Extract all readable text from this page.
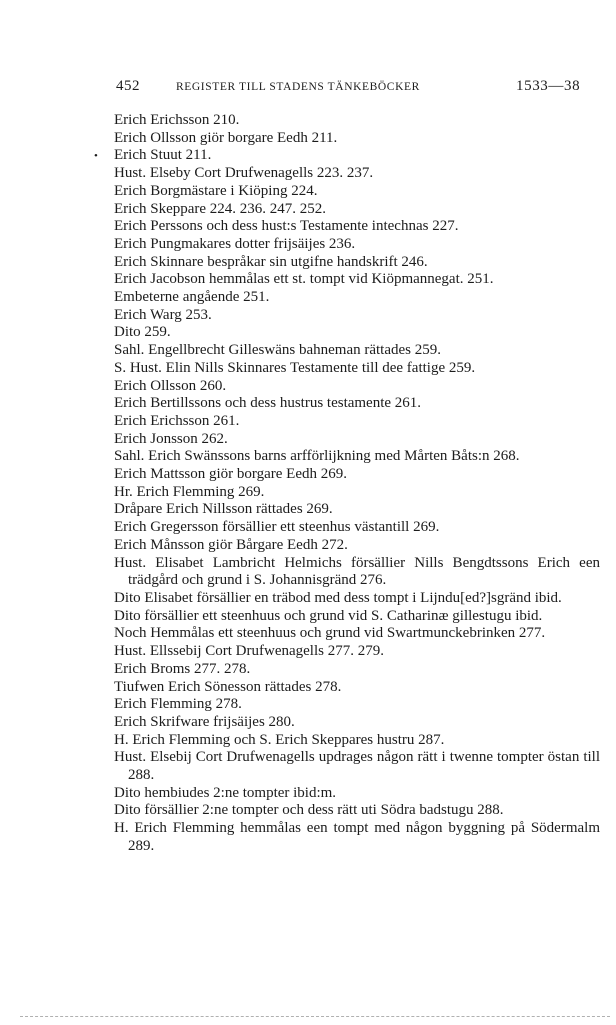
452	REGISTER TILL STADENS TÄNKEBÖCKER	1533—38
•
Erich Erichsson 210.
Erich Ollsson giör borgare Eedh 211.
Erich Stuut 211.
Hust. Elseby Cort Drufwenagells 223. 237.
Erich Borgmästare i Kiöping 224.
Erich Skeppare 224. 236. 247. 252.
Erich Perssons och dess hust:s Testamente intechnas 227.
Erich Pungmakares dotter frijsäijes 236.
Erich Skinnare bespråkar sin utgifne handskrift 246.
Erich Jacobson hemmålas ett st. tompt vid Kiöpmannegat. 251.
Embeterne angående 251.
Erich Warg 253.
Dito 259.
Sahl. Engellbrecht Gilleswäns bahneman rättades 259.
S. Hust. Elin Nills Skinnares Testamente till dee fattige 259.
Erich Ollsson 260.
Erich Bertillssons och dess hustrus testamente 261.
Erich Erichsson 261.
Erich Jonsson 262.
Sahl. Erich Swänssons barns arfförlijkning med Mårten Båts:n 268.
Erich Mattsson giör borgare Eedh 269.
Hr. Erich Flemming 269.
Dråpare Erich Nillsson rättades 269.
Erich Gregersson försällier ett steenhus västantill 269.
Erich Månsson giör Bårgare Eedh 272.
Hust. Elisabet Lambricht Helmichs försällier Nills Bengdtssons Erich een trädgård och grund i S. Johannisgränd 276.
Dito Elisabet försällier en träbod med dess tompt i Lijndu[ed?]sgränd ibid.
Dito försällier ett steenhuus och grund vid S. Catharinæ gillestugu ibid.
Noch Hemmålas ett steenhuus och grund vid Swartmunckebrinken 277.
Hust. Ellssebij Cort Drufwenagells 277. 279.
Erich Broms 277. 278.
Tiufwen Erich Sönesson rättades 278.
Erich Flemming 278.
Erich Skrifware frijsäijes 280.
H. Erich Flemming och S. Erich Skeppares hustru 287.
Hust. Elsebij Cort Drufwenagells updrages någon rätt i twenne tompter östan till 288.
Dito hembiudes 2:ne tompter ibid:m.
Dito försällier 2:ne tompter och dess rätt uti Södra badstugu 288.
H. Erich Flemming hemmålas een tompt med någon byggning på Södermalm 289.
